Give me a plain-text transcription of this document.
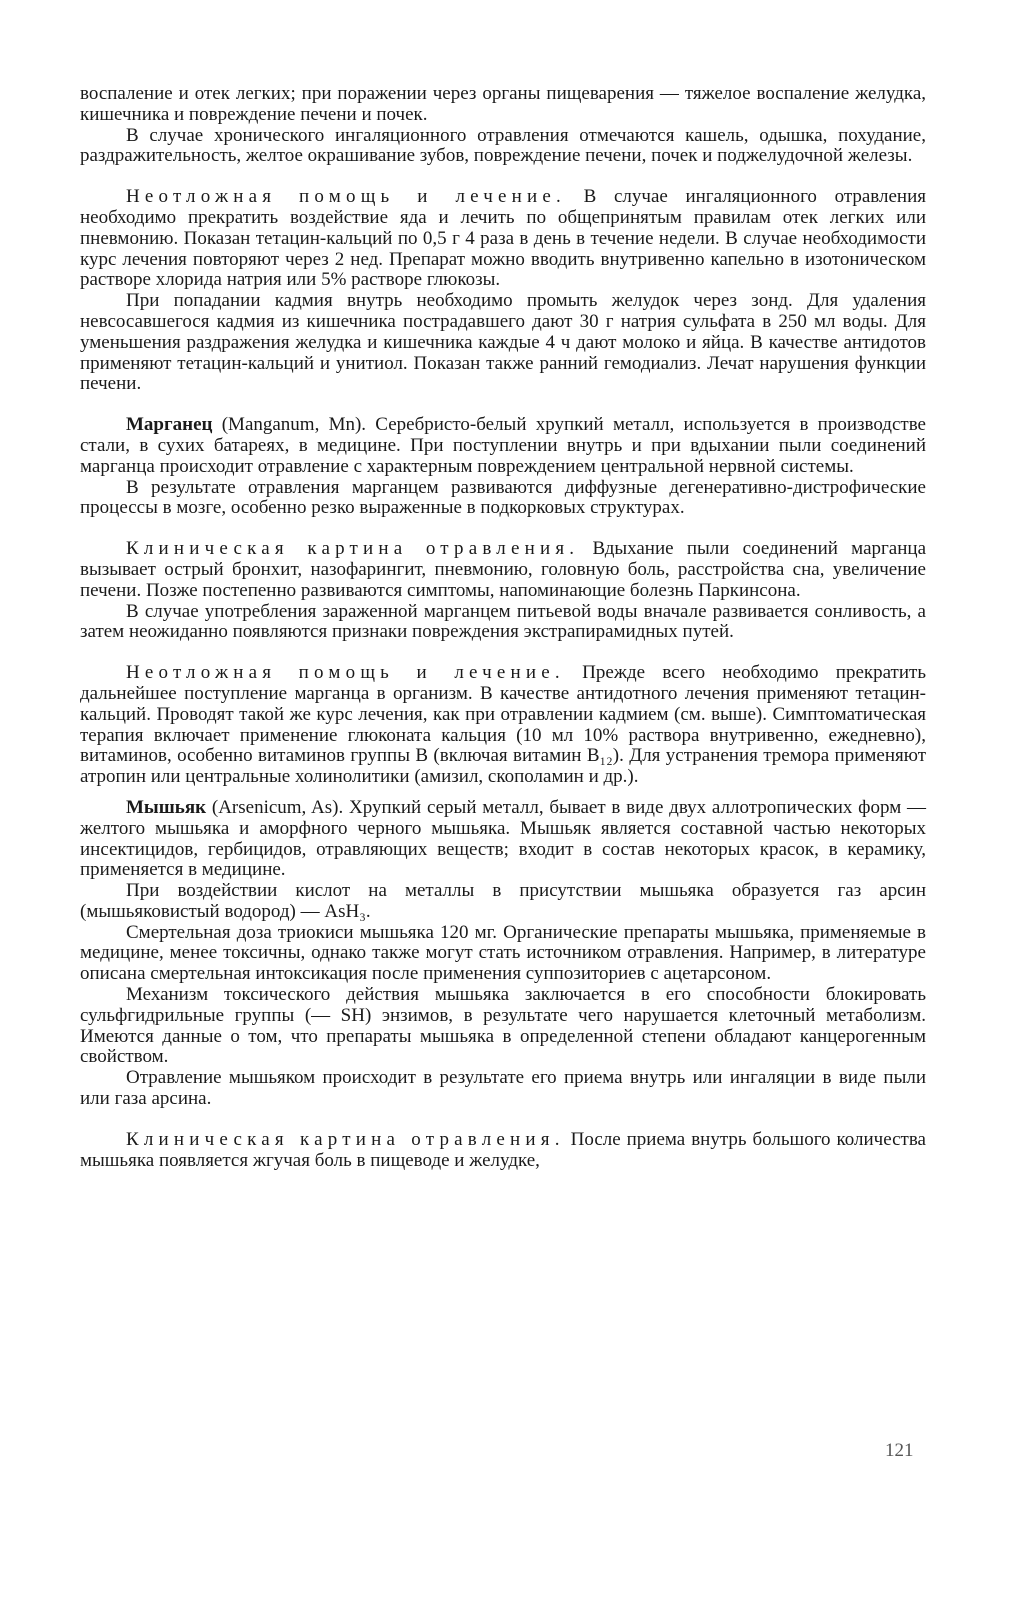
воспаление и отек легких; при поражении через органы пищеварения — тяжелое воспаление желудка, кишечника и повреждение печени и почек.

В случае хронического ингаляционного отравления отмечаются кашель, одышка, похудание, раздражительность, желтое окрашивание зубов, повреждение печени, почек и поджелудочной железы.

Неотложная помощь и лечение. В случае ингаляционного отравления необходимо прекратить воздействие яда и лечить по общепринятым правилам отек легких или пневмонию. Показан тетацин-кальций по 0,5 г 4 раза в день в течение недели. В случае необходимости курс лечения повторяют через 2 нед. Препарат можно вводить внутривенно капельно в изотоническом растворе хлорида натрия или 5% растворе глюкозы.

При попадании кадмия внутрь необходимо промыть желудок через зонд. Для удаления невсосавшегося кадмия из кишечника пострадавшего дают 30 г натрия сульфата в 250 мл воды. Для уменьшения раздражения желудка и кишечника каждые 4 ч дают молоко и яйца. В качестве антидотов применяют тетацин-кальций и унитиол. Показан также ранний гемодиализ. Лечат нарушения функции печени.

Марганец (Manganum, Mn). Серебристо-белый хрупкий металл, используется в производстве стали, в сухих батареях, в медицине. При поступлении внутрь и при вдыхании пыли соединений марганца происходит отравление с характерным повреждением центральной нервной системы.

В результате отравления марганцем развиваются диффузные дегенеративно-дистрофические процессы в мозге, особенно резко выраженные в подкорковых структурах.

Клиническая картина отравления. Вдыхание пыли соединений марганца вызывает острый бронхит, назофарингит, пневмонию, головную боль, расстройства сна, увеличение печени. Позже постепенно развиваются симптомы, напоминающие болезнь Паркинсона.

В случае употребления зараженной марганцем питьевой воды вначале развивается сонливость, а затем неожиданно появляются признаки повреждения экстрапирамидных путей.

Неотложная помощь и лечение. Прежде всего необходимо прекратить дальнейшее поступление марганца в организм. В качестве антидотного лечения применяют тетацин-кальций. Проводят такой же курс лечения, как при отравлении кадмием (см. выше). Симптоматическая терапия включает применение глюконата кальция (10 мл 10% раствора внутривенно, ежедневно), витаминов, особенно витаминов группы В (включая витамин B₁₂). Для устранения тремора применяют атропин или центральные холинолитики (амизил, скополамин и др.).

Мышьяк (Arsenicum, As). Хрупкий серый металл, бывает в виде двух аллотропических форм — желтого мышьяка и аморфного черного мышьяка. Мышьяк является составной частью некоторых инсектицидов, гербицидов, отравляющих веществ; входит в состав некоторых красок, в керамику, применяется в медицине.

При воздействии кислот на металлы в присутствии мышьяка образуется газ арсин (мышьяковистый водород) — AsH₃.

Смертельная доза триокиси мышьяка 120 мг. Органические препараты мышьяка, применяемые в медицине, менее токсичны, однако также могут стать источником отравления. Например, в литературе описана смертельная интоксикация после применения суппозиториев с ацетарсоном.

Механизм токсического действия мышьяка заключается в его способности блокировать сульфгидрильные группы (— SH) энзимов, в результате чего нарушается клеточный метаболизм. Имеются данные о том, что препараты мышьяка в определенной степени обладают канцерогенным свойством.

Отравление мышьяком происходит в результате его приема внутрь или ингаляции в виде пыли или газа арсина.

Клиническая картина отравления. После приема внутрь большого количества мышьяка появляется жгучая боль в пищеводе и желудке,

121
